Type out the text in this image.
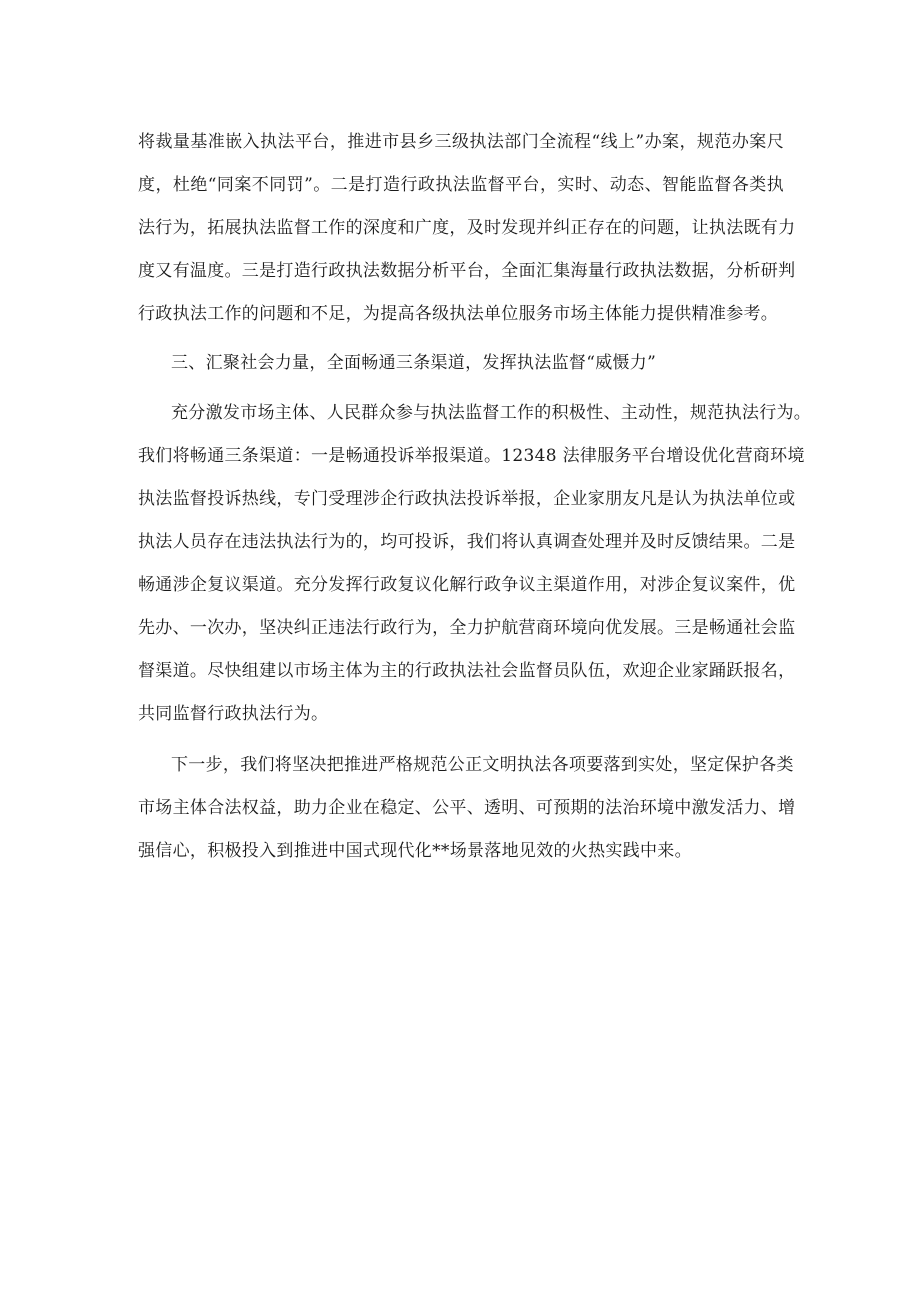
将裁量基准嵌入执法平台，推进市县乡三级执法部门全流程“线上”办案，规范办案尺
度，杜绝“同案不同罚”。二是打造行政执法监督平台，实时、动态、智能监督各类执
法行为，拓展执法监督工作的深度和广度，及时发现并纠正存在的问题，让执法既有力
度又有温度。三是打造行政执法数据分析平台，全面汇集海量行政执法数据，分析研判
行政执法工作的问题和不足，为提高各级执法单位服务市场主体能力提供精准参考。
三、汇聚社会力量，全面畅通三条渠道，发挥执法监督“威慑力”
充分激发市场主体、人民群众参与执法监督工作的积极性、主动性，规范执法行为。
我们将畅通三条渠道：一是畅通投诉举报渠道。12348 法律服务平台增设优化营商环境
执法监督投诉热线，专门受理涉企行政执法投诉举报，企业家朋友凡是认为执法单位或
执法人员存在违法执法行为的，均可投诉，我们将认真调查处理并及时反馈结果。二是
畅通涉企复议渠道。充分发挥行政复议化解行政争议主渠道作用，对涉企复议案件，优
先办、一次办，坚决纠正违法行政行为，全力护航营商环境向优发展。三是畅通社会监
督渠道。尽快组建以市场主体为主的行政执法社会监督员队伍，欢迎企业家踊跃报名，
共同监督行政执法行为。
下一步，我们将坚决把推进严格规范公正文明执法各项要落到实处，坚定保护各类
市场主体合法权益，助力企业在稳定、公平、透明、可预期的法治环境中激发活力、增
强信心，积极投入到推进中国式现代化**场景落地见效的火热实践中来。
